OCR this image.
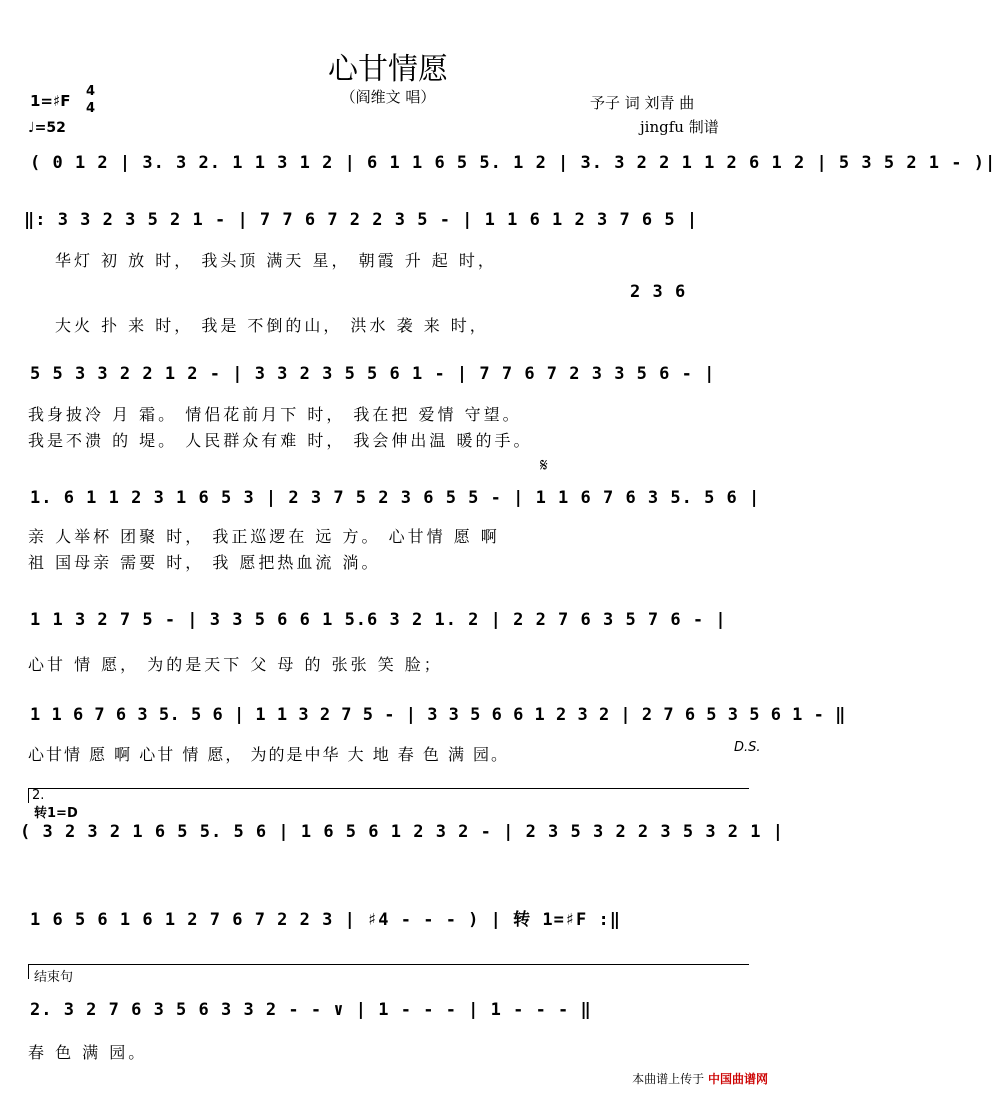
心甘情愿
（阎维文 唱）	予子 词 刘青 曲
jingfu 制谱
1=♯F
4
4
♩=52
( 0 1 2 | 3. 3 2. 1 1 3 1 2 | 6 1 1 6 5 5. 1 2 | 3. 3 2 2 1 1 2 6 1 2 | 5 3 5 2 1 - )|
‖: 3 3 2 3 5 2 1 - | 7 7 6 7 2 2 3 5 - | 1 1 6 1 2 3 7 6 5 |
华灯 初 放 时， 我头顶 满天 星， 朝霞 升 起 时，
2 3 6
大火 扑 来 时， 我是 不倒的山， 洪水 袭 来 时，
5 5 3 3 2 2 1 2 - | 3 3 2 3 5 5 6 1 - | 7 7 6 7 2 3 3 5 6 - |
我身披冷 月 霜。 情侣花前月下 时， 我在把 爱情 守望。
我是不溃 的 堤。 人民群众有难 时， 我会伸出温 暖的手。
𝄋
1. 6 1 1 2 3 1 6 5 3 | 2 3 7 5 2 3 6 5 5 - | 1 1 6 7 6 3 5. 5 6 |
亲 人举杯 团聚 时， 我正巡逻在 远 方。 心甘情 愿 啊
祖 国母亲 需要 时， 我 愿把热血流 淌。
1 1 3 2 7 5 - | 3 3 5 6 6 1 5.6 3 2 1. 2 | 2 2 7 6 3 5 7 6 - |
心甘 情 愿， 为的是天下 父 母 的 张张 笑 脸；
1 1 6 7 6 3 5. 5 6 | 1 1 3 2 7 5 - | 3 3 5 6 6 1 2 3 2 | 2 7 6 5 3 5 6 1 - ‖
心甘情 愿 啊 心甘 情 愿， 为的是中华 大 地 春 色 满 园。	D.S.
2.
转1=D
( 3 2 3 2 1 6 5 5. 5 6 | 1 6 5 6 1 2 3 2 - | 2 3 5 3 2 2 3 5 3 2 1 |
1 6 5 6 1 6 1 2 7 6 7 2 2 3 | ♯4 - - - ) | 转 1=♯F :‖
结束句
2. 3 2 7 6 3 5 6 3 3 2 - - ∨ | 1 - - - | 1 - - - ‖
春 色 满 园。
本曲谱上传于 中国曲谱网
